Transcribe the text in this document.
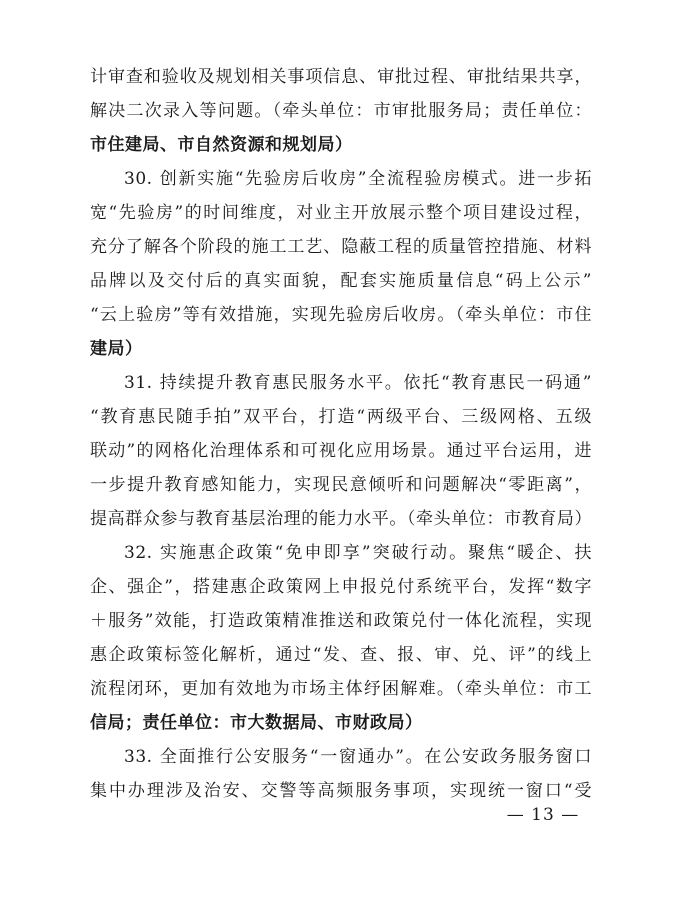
计审查和验收及规划相关事项信息、审批过程、审批结果共享，
解决二次录入等问题。（牵头单位：市审批服务局；责任单位：
市住建局、市自然资源和规划局）
30. 创新实施“先验房后收房”全流程验房模式。进一步拓
宽“先验房”的时间维度，对业主开放展示整个项目建设过程，
充分了解各个阶段的施工工艺、隐蔽工程的质量管控措施、材料
品牌以及交付后的真实面貌，配套实施质量信息“码上公示”
“云上验房”等有效措施，实现先验房后收房。（牵头单位：市住
建局）
31. 持续提升教育惠民服务水平。依托“教育惠民一码通”
“教育惠民随手拍”双平台，打造“两级平台、三级网格、五级
联动”的网格化治理体系和可视化应用场景。通过平台运用，进
一步提升教育感知能力，实现民意倾听和问题解决“零距离”，
提高群众参与教育基层治理的能力水平。（牵头单位：市教育局）
32. 实施惠企政策“免申即享”突破行动。聚焦“暖企、扶
企、强企”，搭建惠企政策网上申报兑付系统平台，发挥“数字
＋服务”效能，打造政策精准推送和政策兑付一体化流程，实现
惠企政策标签化解析，通过“发、查、报、审、兑、评”的线上
流程闭环，更加有效地为市场主体纾困解难。（牵头单位：市工
信局；责任单位：市大数据局、市财政局）
33. 全面推行公安服务“一窗通办”。在公安政务服务窗口
集中办理涉及治安、交警等高频服务事项，实现统一窗口“受
— 13 —
